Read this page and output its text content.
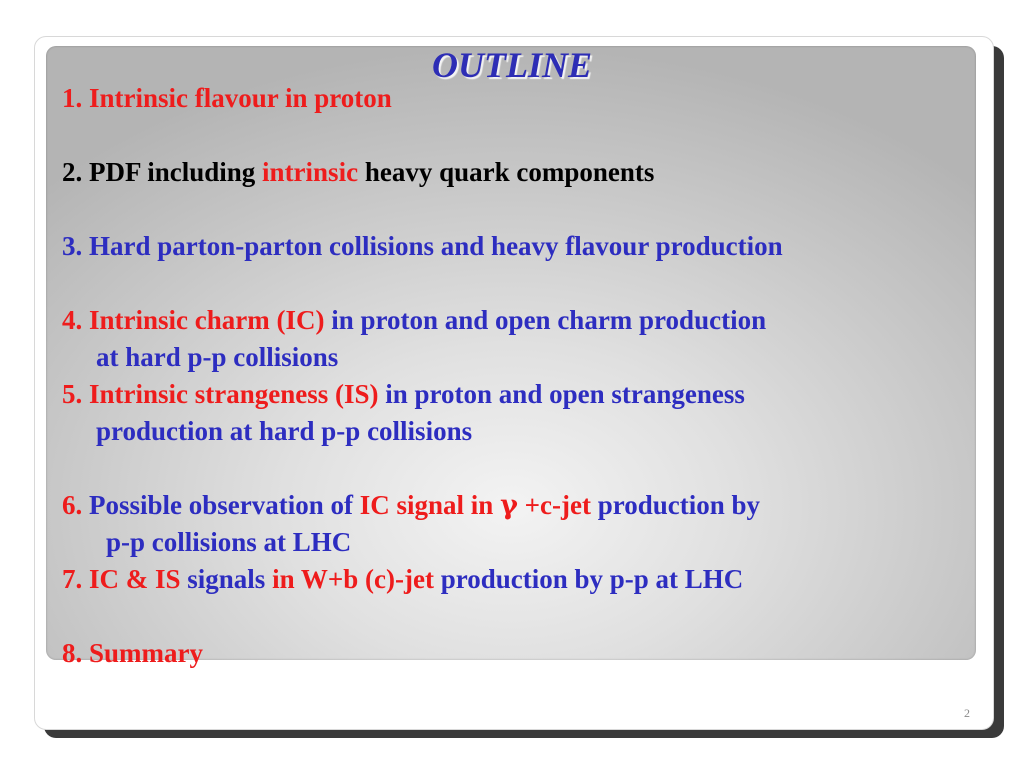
OUTLINE
1. Intrinsic flavour in proton
2. PDF including intrinsic heavy quark components
3. Hard parton-parton collisions and heavy flavour production
4. Intrinsic charm (IC) in proton and open charm production
at hard p-p collisions
5. Intrinsic strangeness (IS) in proton and open strangeness
production at hard p-p collisions
6. Possible observation of IC signal in γ +c-jet production by
p-p collisions at LHC
7. IC & IS signals in W+b (c)-jet production by p-p at LHC
8. Summary
2
